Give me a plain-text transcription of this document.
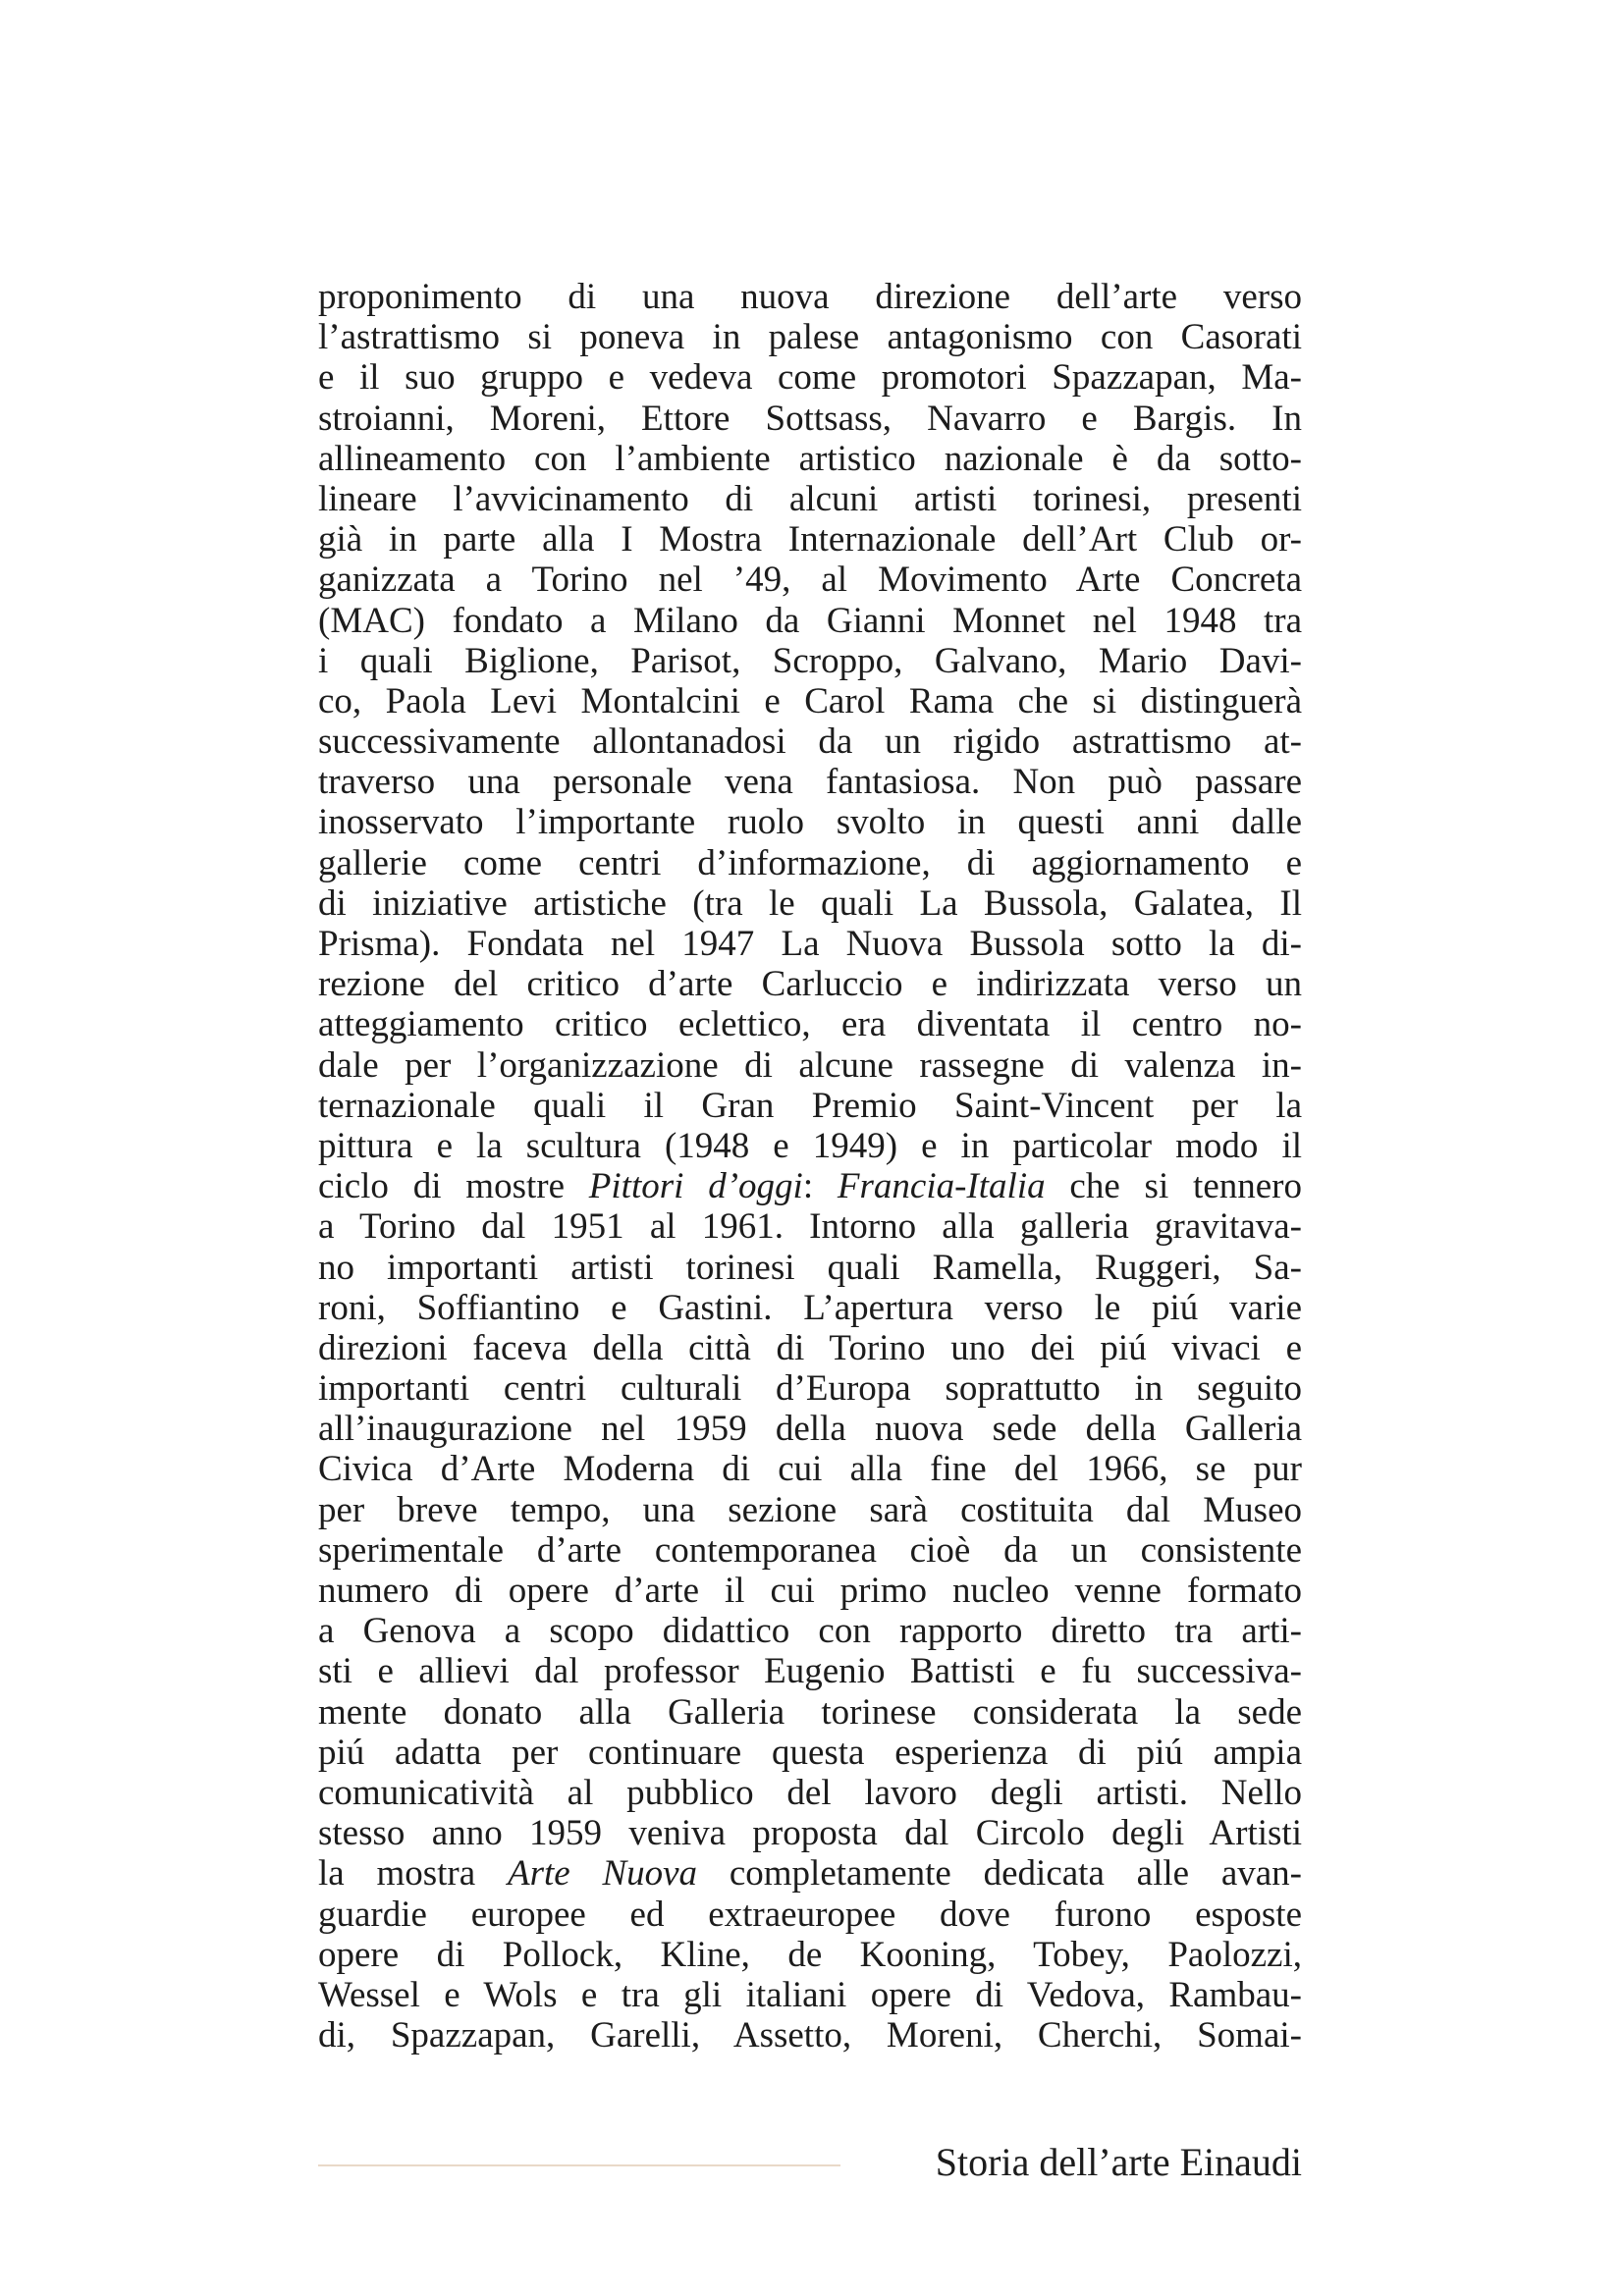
proponimento di una nuova direzione dell’arte verso
l’astrattismo si poneva in palese antagonismo con Casorati
e il suo gruppo e vedeva come promotori Spazzapan, Ma-
stroianni, Moreni, Ettore Sottsass, Navarro e Bargis. In
allineamento con l’ambiente artistico nazionale è da sotto-
lineare l’avvicinamento di alcuni artisti torinesi, presenti
già in parte alla I Mostra Internazionale dell’Art Club or-
ganizzata a Torino nel ’49, al Movimento Arte Concreta
(MAC) fondato a Milano da Gianni Monnet nel 1948 tra
i quali Biglione, Parisot, Scroppo, Galvano, Mario Davi-
co, Paola Levi Montalcini e Carol Rama che si distinguerà
successivamente allontanadosi da un rigido astrattismo at-
traverso una personale vena fantasiosa. Non può passare
inosservato l’importante ruolo svolto in questi anni dalle
gallerie come centri d’informazione, di aggiornamento e
di iniziative artistiche (tra le quali La Bussola, Galatea, Il
Prisma). Fondata nel 1947 La Nuova Bussola sotto la di-
rezione del critico d’arte Carluccio e indirizzata verso un
atteggiamento critico eclettico, era diventata il centro no-
dale per l’organizzazione di alcune rassegne di valenza in-
ternazionale quali il Gran Premio Saint-Vincent per la
pittura e la scultura (1948 e 1949) e in particolar modo il
ciclo di mostre Pittori d’oggi: Francia-Italia che si tennero
a Torino dal 1951 al 1961. Intorno alla galleria gravitava-
no importanti artisti torinesi quali Ramella, Ruggeri, Sa-
roni, Soffiantino e Gastini. L’apertura verso le piú varie
direzioni faceva della città di Torino uno dei piú vivaci e
importanti centri culturali d’Europa soprattutto in seguito
all’inaugurazione nel 1959 della nuova sede della Galleria
Civica d’Arte Moderna di cui alla fine del 1966, se pur
per breve tempo, una sezione sarà costituita dal Museo
sperimentale d’arte contemporanea cioè da un consistente
numero di opere d’arte il cui primo nucleo venne formato
a Genova a scopo didattico con rapporto diretto tra arti-
sti e allievi dal professor Eugenio Battisti e fu successiva-
mente donato alla Galleria torinese considerata la sede
piú adatta per continuare questa esperienza di piú ampia
comunicatività al pubblico del lavoro degli artisti. Nello
stesso anno 1959 veniva proposta dal Circolo degli Artisti
la mostra Arte Nuova completamente dedicata alle avan-
guardie europee ed extraeuropee dove furono esposte
opere di Pollock, Kline, de Kooning, Tobey, Paolozzi,
Wessel e Wols e tra gli italiani opere di Vedova, Rambau-
di, Spazzapan, Garelli, Assetto, Moreni, Cherchi, Somai-
Storia dell’arte Einaudi
